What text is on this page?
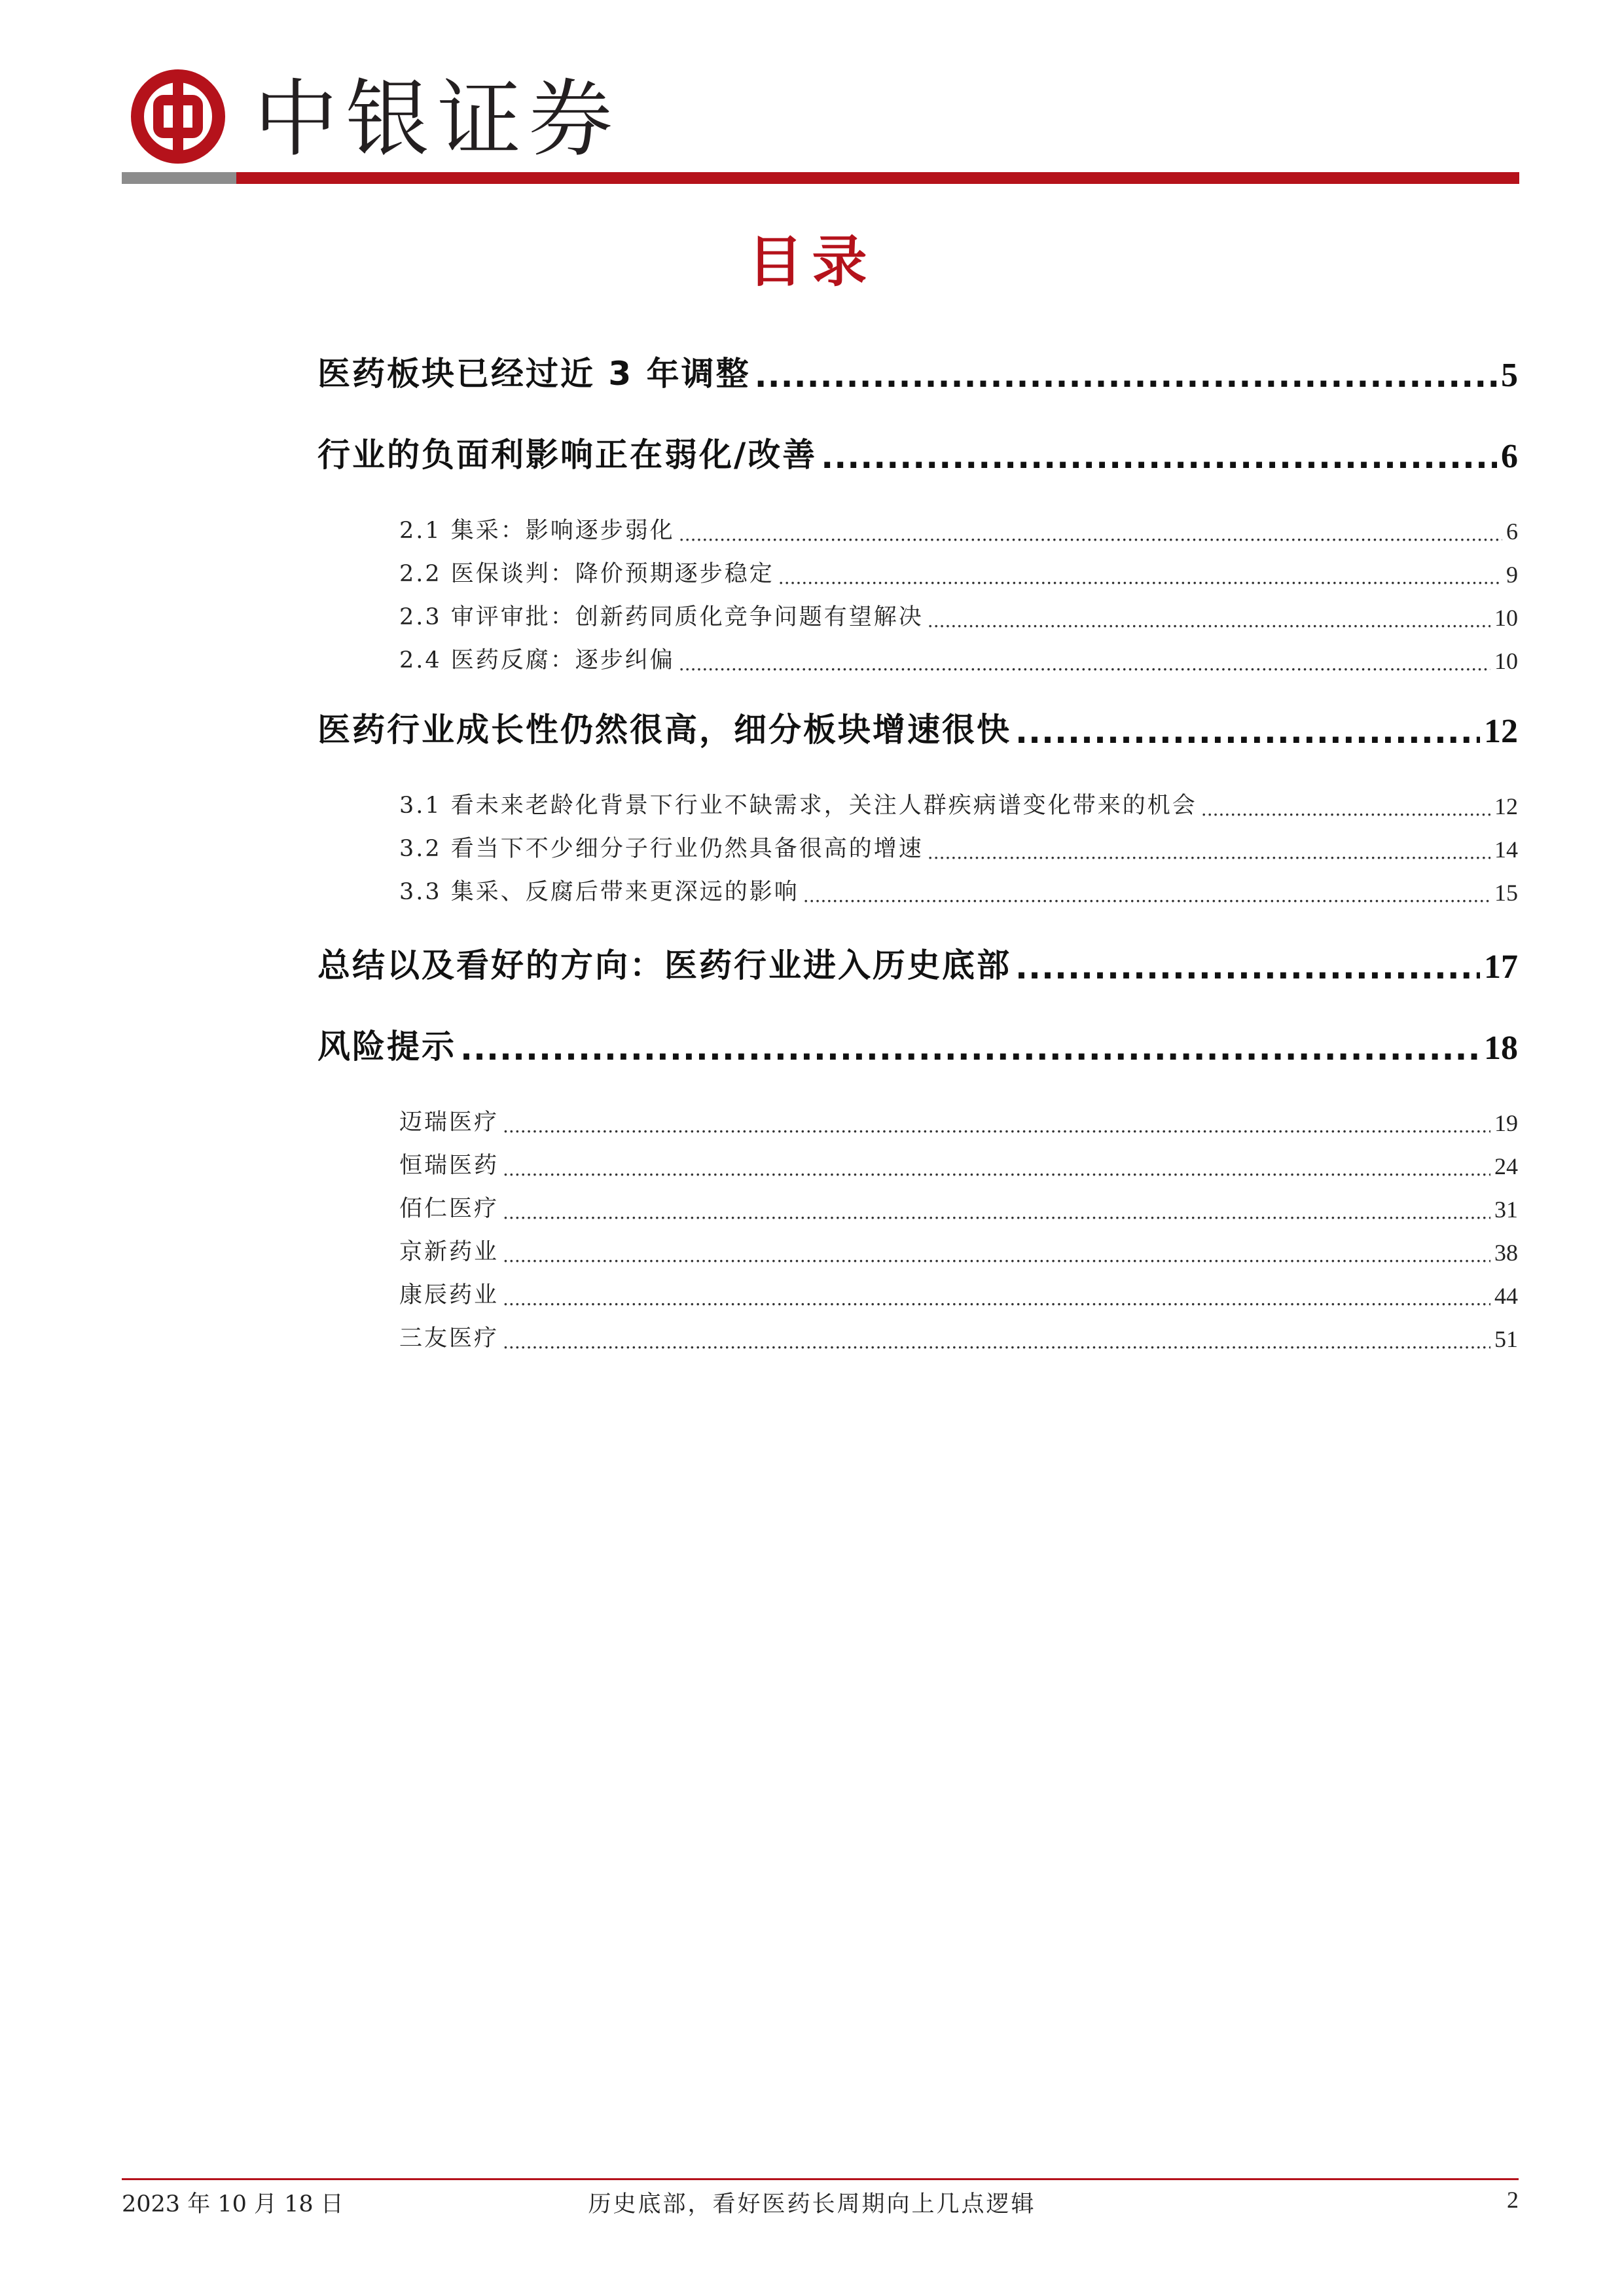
中银证券
目录
医药板块已经过近 3 年调整 .....	5
行业的负面利影响正在弱化/改善 .....	6
2.1 集采：影响逐步弱化 .....	6
2.2 医保谈判：降价预期逐步稳定 .....	9
2.3 审评审批：创新药同质化竞争问题有望解决 .....	10
2.4 医药反腐：逐步纠偏 .....	10
医药行业成长性仍然很高，细分板块增速很快 .....	12
3.1 看未来老龄化背景下行业不缺需求，关注人群疾病谱变化带来的机会 .....	12
3.2 看当下不少细分子行业仍然具备很高的增速 .....	14
3.3 集采、反腐后带来更深远的影响 .....	15
总结以及看好的方向：医药行业进入历史底部 .....	17
风险提示 .....	18
迈瑞医疗 .....	19
恒瑞医药 .....	24
佰仁医疗 .....	31
京新药业 .....	38
康辰药业 .....	44
三友医疗 .....	51
2023 年 10 月 18 日	历史底部，看好医药长周期向上几点逻辑	2
